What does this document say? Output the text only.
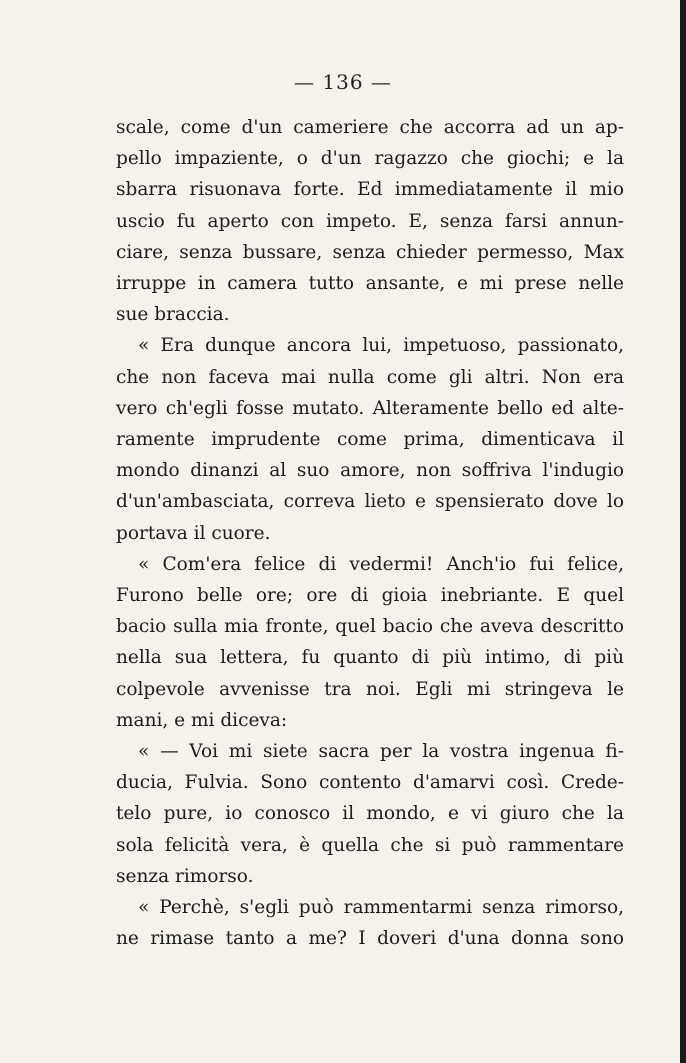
— 136 —
scale, come d'un cameriere che accorra ad un ap-
pello impaziente, o d'un ragazzo che giochi; e la
sbarra risuonava forte. Ed immediatamente il mio
uscio fu aperto con impeto. E, senza farsi annun-
ciare, senza bussare, senza chieder permesso, Max
irruppe in camera tutto ansante, e mi prese nelle
sue braccia.
« Era dunque ancora lui, impetuoso, passionato,
che non faceva mai nulla come gli altri. Non era
vero ch'egli fosse mutato. Alteramente bello ed alte-
ramente imprudente come prima, dimenticava il
mondo dinanzi al suo amore, non soffriva l'indugio
d'un'ambasciata, correva lieto e spensierato dove lo
portava il cuore.
« Com'era felice di vedermi! Anch'io fui felice,
Furono belle ore; ore di gioia inebriante. E quel
bacio sulla mia fronte, quel bacio che aveva descritto
nella sua lettera, fu quanto di più intimo, di più
colpevole avvenisse tra noi. Egli mi stringeva le
mani, e mi diceva:
« — Voi mi siete sacra per la vostra ingenua fi-
ducia, Fulvia. Sono contento d'amarvi così. Crede-
telo pure, io conosco il mondo, e vi giuro che la
sola felicità vera, è quella che si può rammentare
senza rimorso.
« Perchè, s'egli può rammentarmi senza rimorso,
ne rimase tanto a me? I doveri d'una donna sono
